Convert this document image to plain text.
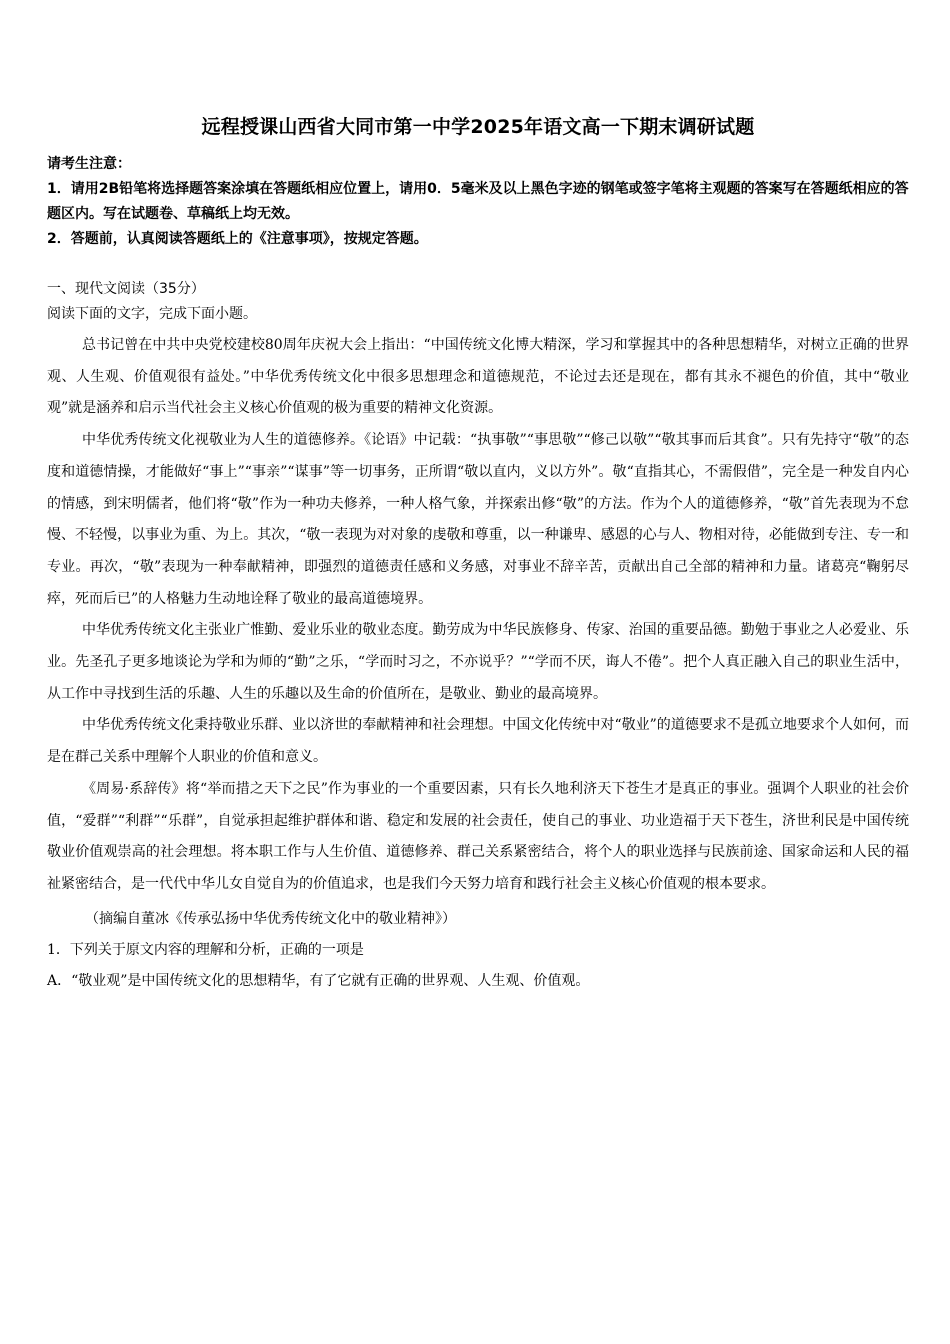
远程授课山西省大同市第一中学2025年语文高一下期末调研试题

请考生注意：

1．请用2B铅笔将选择题答案涂填在答题纸相应位置上，请用0．5毫米及以上黑色字迹的钢笔或签字笔将主观题的答案写在答题纸相应的答题区内。写在试题卷、草稿纸上均无效。

2．答题前，认真阅读答题纸上的《注意事项》，按规定答题。

一、现代文阅读（35分）

阅读下面的文字，完成下面小题。

总书记曾在中共中央党校建校80周年庆祝大会上指出：“中国传统文化博大精深，学习和掌握其中的各种思想精华，对树立正确的世界观、人生观、价值观很有益处。”中华优秀传统文化中很多思想理念和道德规范，不论过去还是现在，都有其永不褪色的价值，其中“敬业观”就是涵养和启示当代社会主义核心价值观的极为重要的精神文化资源。

中华优秀传统文化视敬业为人生的道德修养。《论语》中记载：“执事敬”“事思敬”“修己以敬”“敬其事而后其食”。只有先持守“敬”的态度和道德情操，才能做好“事上”“事亲”“谋事”等一切事务，正所谓“敬以直内，义以方外”。敬“直指其心，不需假借”，完全是一种发自内心的情感，到宋明儒者，他们将“敬”作为一种功夫修养，一种人格气象，并探索出修“敬”的方法。作为个人的道德修养，“敬”首先表现为不怠慢、不轻慢，以事业为重、为上。其次，“敬一表现为对对象的虔敬和尊重，以一种谦卑、感恩的心与人、物相对待，必能做到专注、专一和专业。再次，“敬”表现为一种奉献精神，即强烈的道德责任感和义务感，对事业不辞辛苦，贡献出自己全部的精神和力量。诸葛亮“鞠躬尽瘁，死而后已”的人格魅力生动地诠释了敬业的最高道德境界。

中华优秀传统文化主张业广惟勤、爱业乐业的敬业态度。勤劳成为中华民族修身、传家、治国的重要品德。勤勉于事业之人必爱业、乐业。先圣孔子更多地谈论为学和为师的“勤”之乐，“学而时习之，不亦说乎？”“学而不厌，诲人不倦”。把个人真正融入自己的职业生活中，从工作中寻找到生活的乐趣、人生的乐趣以及生命的价值所在，是敬业、勤业的最高境界。

中华优秀传统文化秉持敬业乐群、业以济世的奉献精神和社会理想。中国文化传统中对“敬业”的道德要求不是孤立地要求个人如何，而是在群己关系中理解个人职业的价值和意义。

《周易·系辞传》将“举而措之天下之民”作为事业的一个重要因素，只有长久地利济天下苍生才是真正的事业。强调个人职业的社会价值，“爱群”“利群”“乐群”，自觉承担起维护群体和谐、稳定和发展的社会责任，使自己的事业、功业造福于天下苍生，济世利民是中国传统敬业价值观崇高的社会理想。将本职工作与人生价值、道德修养、群己关系紧密结合，将个人的职业选择与民族前途、国家命运和人民的福祉紧密结合，是一代代中华儿女自觉自为的价值追求，也是我们今天努力培育和践行社会主义核心价值观的根本要求。

（摘编自董冰《传承弘扬中华优秀传统文化中的敬业精神》）

1．下列关于原文内容的理解和分析，正确的一项是

A．“敬业观”是中国传统文化的思想精华，有了它就有正确的世界观、人生观、价值观。
